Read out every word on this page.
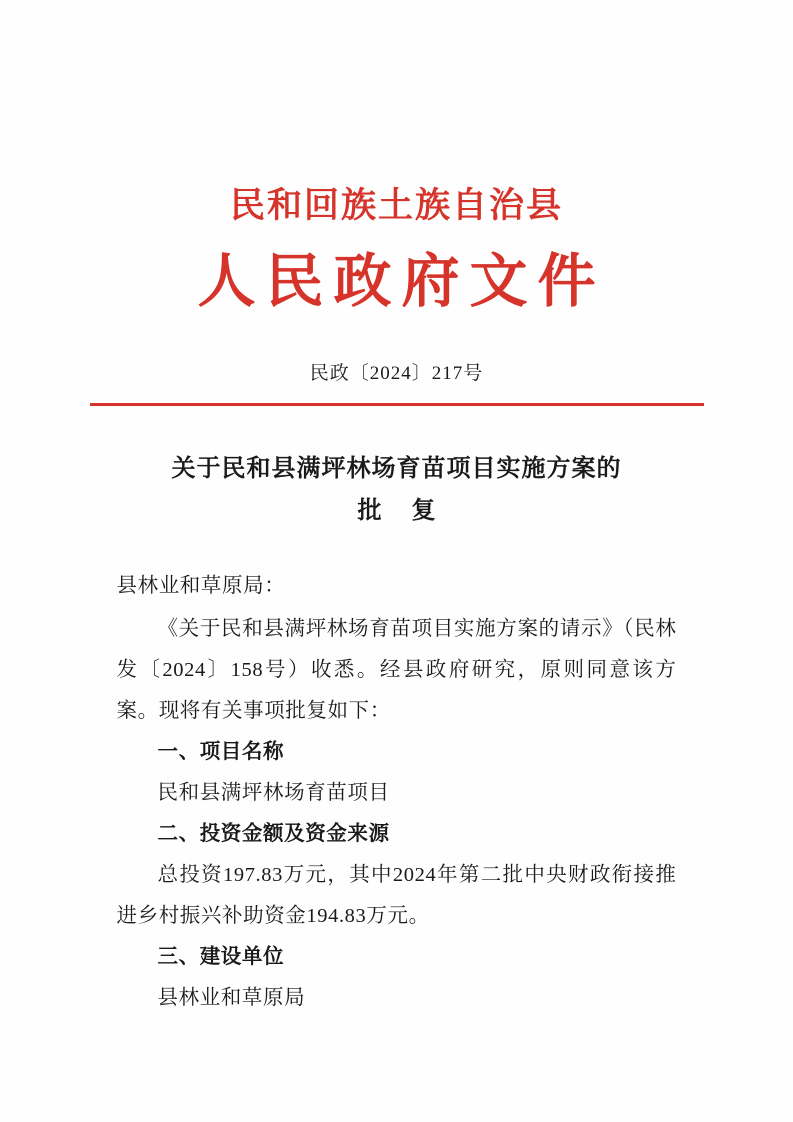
民和回族土族自治县
人民政府文件
民政〔2024〕217号
关于民和县满坪林场育苗项目实施方案的
批 复

县林业和草原局：

《关于民和县满坪林场育苗项目实施方案的请示》（民林发〔2024〕158号）收悉。经县政府研究，原则同意该方案。现将有关事项批复如下：

一、项目名称

民和县满坪林场育苗项目

二、投资金额及资金来源

总投资197.83万元，其中2024年第二批中央财政衔接推进乡村振兴补助资金194.83万元。

三、建设单位

县林业和草原局
